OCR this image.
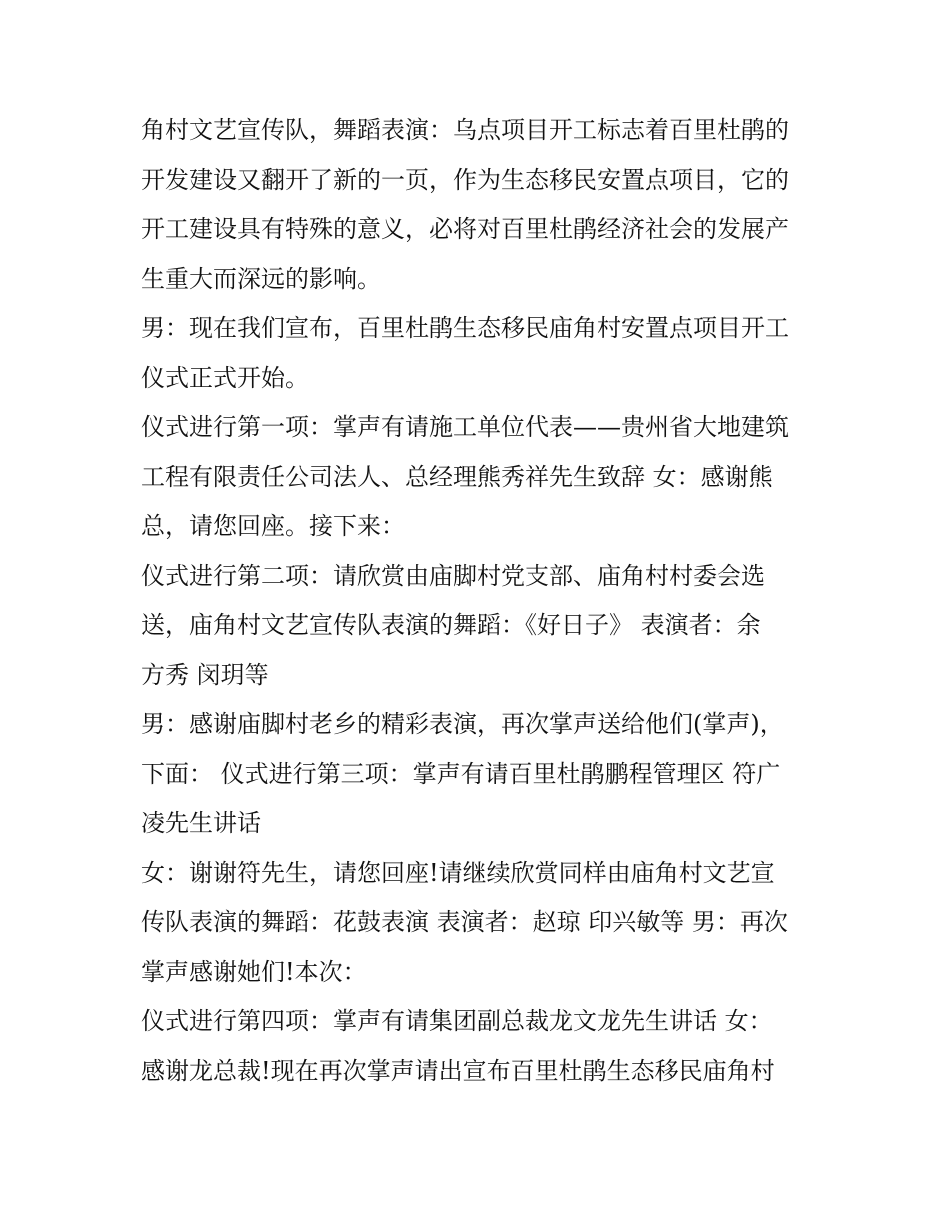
角村文艺宣传队，舞蹈表演：乌点项目开工标志着百里杜鹃的
开发建设又翻开了新的一页，作为生态移民安置点项目，它的
开工建设具有特殊的意义，必将对百里杜鹃经济社会的发展产
生重大而深远的影响。
男：现在我们宣布，百里杜鹃生态移民庙角村安置点项目开工
仪式正式开始。
仪式进行第一项：掌声有请施工单位代表——贵州省大地建筑
工程有限责任公司法人、总经理熊秀祥先生致辞 女：感谢熊
总，请您回座。接下来：
仪式进行第二项：请欣赏由庙脚村党支部、庙角村村委会选
送，庙角村文艺宣传队表演的舞蹈：《好日子》 表演者：余
方秀 闵玥等
男：感谢庙脚村老乡的精彩表演，再次掌声送给他们(掌声)，
下面： 仪式进行第三项：掌声有请百里杜鹃鹏程管理区 符广
凌先生讲话
女：谢谢符先生，请您回座!请继续欣赏同样由庙角村文艺宣
传队表演的舞蹈：花鼓表演 表演者：赵琼 印兴敏等 男：再次
掌声感谢她们!本次：
仪式进行第四项：掌声有请集团副总裁龙文龙先生讲话 女：
感谢龙总裁!现在再次掌声请出宣布百里杜鹃生态移民庙角村
